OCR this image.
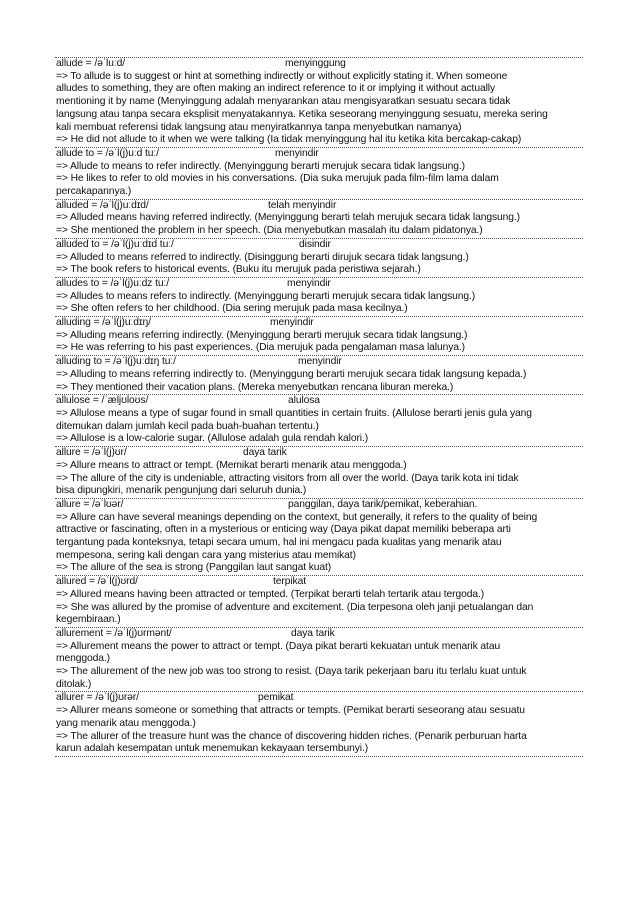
allude = /əˈluːd/	menyinggung
=> To allude is to suggest or hint at something indirectly or without explicitly stating it. When someone
alludes to something, they are often making an indirect reference to it or implying it without actually
mentioning it by name (Menyinggung adalah menyarankan atau mengisyaratkan sesuatu secara tidak
langsung atau tanpa secara eksplisit menyatakannya. Ketika seseorang menyinggung sesuatu, mereka sering
kali membuat referensi tidak langsung atau menyiratkannya tanpa menyebutkan namanya)
=> He did not allude to it when we were talking (Ia tidak menyinggung hal itu ketika kita bercakap-cakap)
allude to = /əˈl(j)uːd tuː/	menyindir
=> Allude to means to refer indirectly. (Menyinggung berarti merujuk secara tidak langsung.)
=> He likes to refer to old movies in his conversations. (Dia suka merujuk pada film-film lama dalam
percakapannya.)
alluded = /əˈl(j)uːdɪd/	telah menyindir
=> Alluded means having referred indirectly. (Menyinggung berarti telah merujuk secara tidak langsung.)
=> She mentioned the problem in her speech. (Dia menyebutkan masalah itu dalam pidatonya.)
alluded to = /əˈl(j)uːdɪd tuː/	disindir
=> Alluded to means referred to indirectly. (Disinggung berarti dirujuk secara tidak langsung.)
=> The book refers to historical events. (Buku itu merujuk pada peristiwa sejarah.)
alludes to = /əˈl(j)uːdz tuː/	menyindir
=> Alludes to means refers to indirectly. (Menyinggung berarti merujuk secara tidak langsung.)
=> She often refers to her childhood. (Dia sering merujuk pada masa kecilnya.)
alluding = /əˈl(j)uːdɪŋ/	menyindir
=> Alluding means referring indirectly. (Menyinggung berarti merujuk secara tidak langsung.)
=> He was referring to his past experiences. (Dia merujuk pada pengalaman masa lalunya.)
alluding to = /əˈl(j)uːdɪŋ tuː/	menyindir
=> Alluding to means referring indirectly to. (Menyinggung berarti merujuk secara tidak langsung kepada.)
=> They mentioned their vacation plans. (Mereka menyebutkan rencana liburan mereka.)
allulose = /ˈæljʊloʊs/	alulosa
=> Allulose means a type of sugar found in small quantities in certain fruits. (Allulose berarti jenis gula yang
ditemukan dalam jumlah kecil pada buah-buahan tertentu.)
=> Allulose is a low-calorie sugar. (Allulose adalah gula rendah kalori.)
allure = /əˈl(j)ʊr/	daya tarik
=> Allure means to attract or tempt. (Memikat berarti menarik atau menggoda.)
=> The allure of the city is undeniable, attracting visitors from all over the world. (Daya tarik kota ini tidak
bisa dipungkiri, menarik pengunjung dari seluruh dunia.)
allure = /əˈlʊər/	panggilan, daya tarik/pemikat, keberahian.
=> Allure can have several meanings depending on the context, but generally, it refers to the quality of being
attractive or fascinating, often in a mysterious or enticing way (Daya pikat dapat memiliki beberapa arti
tergantung pada konteksnya, tetapi secara umum, hal ini mengacu pada kualitas yang menarik atau
mempesona, sering kali dengan cara yang misterius atau memikat)
=> The allure of the sea is strong (Panggilan laut sangat kuat)
allured = /əˈl(j)ʊrd/	terpikat
=> Allured means having been attracted or tempted. (Terpikat berarti telah tertarik atau tergoda.)
=> She was allured by the promise of adventure and excitement. (Dia terpesona oleh janji petualangan dan
kegembiraan.)
allurement = /əˈl(j)ʊrmənt/	daya tarik
=> Allurement means the power to attract or tempt. (Daya pikat berarti kekuatan untuk menarik atau
menggoda.)
=> The allurement of the new job was too strong to resist. (Daya tarik pekerjaan baru itu terlalu kuat untuk
ditolak.)
allurer = /əˈl(j)ʊrər/	pemikat
=> Allurer means someone or something that attracts or tempts. (Pemikat berarti seseorang atau sesuatu
yang menarik atau menggoda.)
=> The allurer of the treasure hunt was the chance of discovering hidden riches. (Penarik perburuan harta
karun adalah kesempatan untuk menemukan kekayaan tersembunyi.)
